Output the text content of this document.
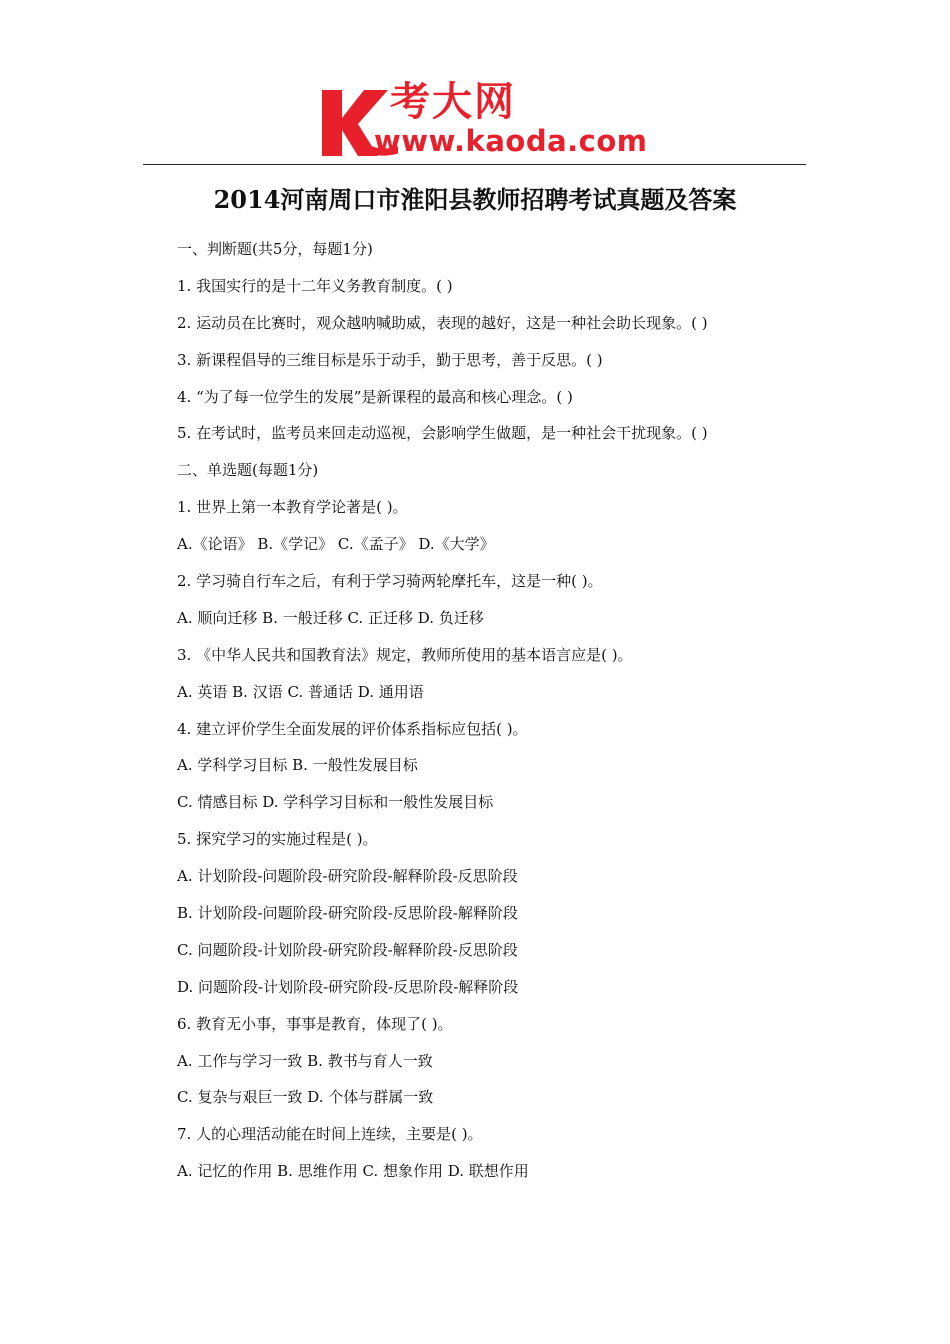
考大网
www.kaoda.com
2014河南周口市淮阳县教师招聘考试真题及答案
一、判断题(共5分，每题1分)
1. 我国实行的是十二年义务教育制度。( )
2. 运动员在比赛时，观众越呐喊助威，表现的越好，这是一种社会助长现象。( )
3. 新课程倡导的三维目标是乐于动手，勤于思考，善于反思。( )
4. “为了每一位学生的发展”是新课程的最高和核心理念。( )
5. 在考试时，监考员来回走动巡视，会影响学生做题，是一种社会干扰现象。( )
二、单选题(每题1分)
1. 世界上第一本教育学论著是( )。
A.《论语》 B.《学记》 C.《孟子》 D.《大学》
2. 学习骑自行车之后，有利于学习骑两轮摩托车，这是一种( )。
A. 顺向迁移 B. 一般迁移 C. 正迁移 D. 负迁移
3. 《中华人民共和国教育法》规定，教师所使用的基本语言应是( )。
A. 英语 B. 汉语 C. 普通话 D. 通用语
4. 建立评价学生全面发展的评价体系指标应包括( )。
A. 学科学习目标 B. 一般性发展目标
C. 情感目标 D. 学科学习目标和一般性发展目标
5. 探究学习的实施过程是( )。
A. 计划阶段-问题阶段-研究阶段-解释阶段-反思阶段
B. 计划阶段-问题阶段-研究阶段-反思阶段-解释阶段
C. 问题阶段-计划阶段-研究阶段-解释阶段-反思阶段
D. 问题阶段-计划阶段-研究阶段-反思阶段-解释阶段
6. 教育无小事，事事是教育，体现了( )。
A. 工作与学习一致 B. 教书与育人一致
C. 复杂与艰巨一致 D. 个体与群属一致
7. 人的心理活动能在时间上连续，主要是( )。
A. 记忆的作用 B. 思维作用 C. 想象作用 D. 联想作用
